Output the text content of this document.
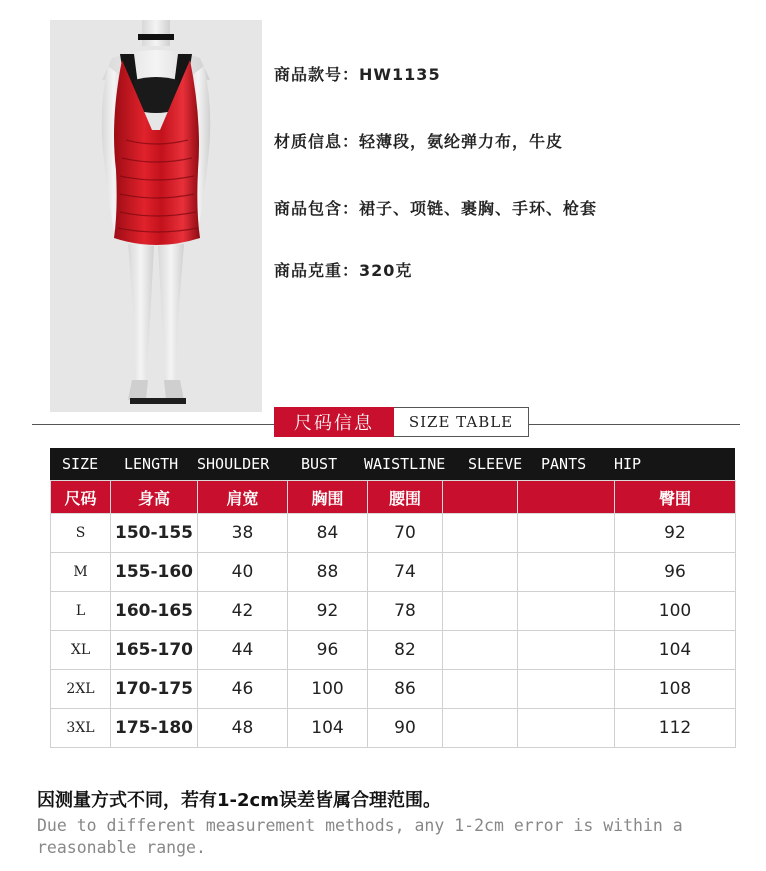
商品款号：HW1135
材质信息：轻薄段，氨纶弹力布，牛皮
商品包含：裙子、项链、裹胸、手环、枪套
商品克重：320克
尺码信息	SIZE TABLE
SIZE LENGTH SHOULDER BUST WAISTLINE SLEEVE PANTS HIP
尺码	身高	肩宽	胸围	腰围			臀围
S	150-155	38	84	70			92
M	155-160	40	88	74			96
L	160-165	42	92	78			100
XL	165-170	44	96	82			104
2XL	170-175	46	100	86			108
3XL	175-180	48	104	90			112
因测量方式不同，若有1-2cm误差皆属合理范围。
Due to different measurement methods, any 1-2cm error is within a reasonable range.
